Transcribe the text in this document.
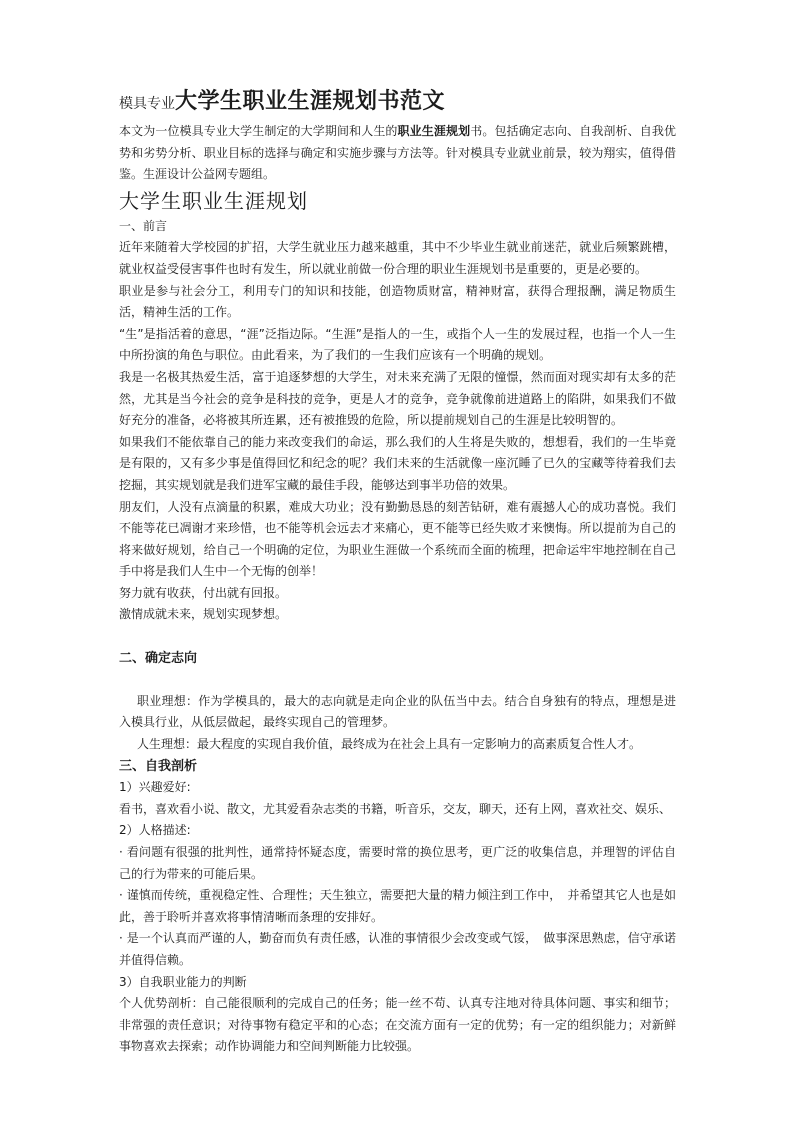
模具专业大学生职业生涯规划书范文

本文为一位模具专业大学生制定的大学期间和人生的职业生涯规划书。包括确定志向、自我剖析、自我优势和劣势分析、职业目标的选择与确定和实施步骤与方法等。针对模具专业就业前景，较为翔实，值得借鉴。生涯设计公益网专题组。

大学生职业生涯规划

一、前言

近年来随着大学校园的扩招，大学生就业压力越来越重，其中不少毕业生就业前迷茫，就业后频繁跳槽，就业权益受侵害事件也时有发生，所以就业前做一份合理的职业生涯规划书是重要的，更是必要的。

职业是参与社会分工，利用专门的知识和技能，创造物质财富，精神财富，获得合理报酬，满足物质生活，精神生活的工作。

“生”是指活着的意思，“涯”泛指边际。“生涯”是指人的一生，或指个人一生的发展过程，也指一个人一生中所扮演的角色与职位。由此看来，为了我们的一生我们应该有一个明确的规划。

我是一名极其热爱生活，富于追逐梦想的大学生，对未来充满了无限的憧憬，然而面对现实却有太多的茫然，尤其是当今社会的竞争是科技的竞争，更是人才的竞争，竞争就像前进道路上的陷阱，如果我们不做好充分的准备，必将被其所连累，还有被推毁的危险，所以提前规划自己的生涯是比较明智的。

如果我们不能依靠自己的能力来改变我们的命运，那么我们的人生将是失败的，想想看，我们的一生毕竟是有限的，又有多少事是值得回忆和纪念的呢？我们未来的生活就像一座沉睡了已久的宝藏等待着我们去挖掘，其实规划就是我们进军宝藏的最佳手段，能够达到事半功倍的效果。

朋友们，人没有点滴量的积累，难成大功业；没有勤勤恳恳的刻苦钻研，难有震撼人心的成功喜悦。我们不能等花已凋谢才来珍惜，也不能等机会远去才来痛心，更不能等已经失败才来懊悔。所以提前为自己的将来做好规划，给自己一个明确的定位，为职业生涯做一个系统而全面的梳理，把命运牢牢地控制在自己手中将是我们人生中一个无悔的创举！

努力就有收获，付出就有回报。

激情成就未来，规划实现梦想。

二、确定志向

职业理想：作为学模具的，最大的志向就是走向企业的队伍当中去。结合自身独有的特点，理想是进入模具行业，从低层做起，最终实现自己的管理梦。

人生理想：最大程度的实现自我价值，最终成为在社会上具有一定影响力的高素质复合性人才。

三、自我剖析

1）兴趣爱好:

看书，喜欢看小说、散文，尤其爱看杂志类的书籍，听音乐，交友，聊天，还有上网，喜欢社交、娱乐、

2）人格描述:

· 看问题有很强的批判性，通常持怀疑态度，需要时常的换位思考，更广泛的收集信息，并理智的评估自己的行为带来的可能后果。

· 谨慎而传统，重视稳定性、合理性；天生独立，需要把大量的精力倾注到工作中，　并希望其它人也是如此，善于聆听并喜欢将事情清晰而条理的安排好。

· 是一个认真而严谨的人，勤奋而负有责任感，认准的事情很少会改变或气馁，　做事深思熟虑，信守承诺并值得信赖。

3）自我职业能力的判断

个人优势剖析：自己能很顺利的完成自己的任务；能一丝不苟、认真专注地对待具体问题、事实和细节；非常强的责任意识；对待事物有稳定平和的心态；在交流方面有一定的优势；有一定的组织能力；对新鲜事物喜欢去探索；动作协调能力和空间判断能力比较强。
